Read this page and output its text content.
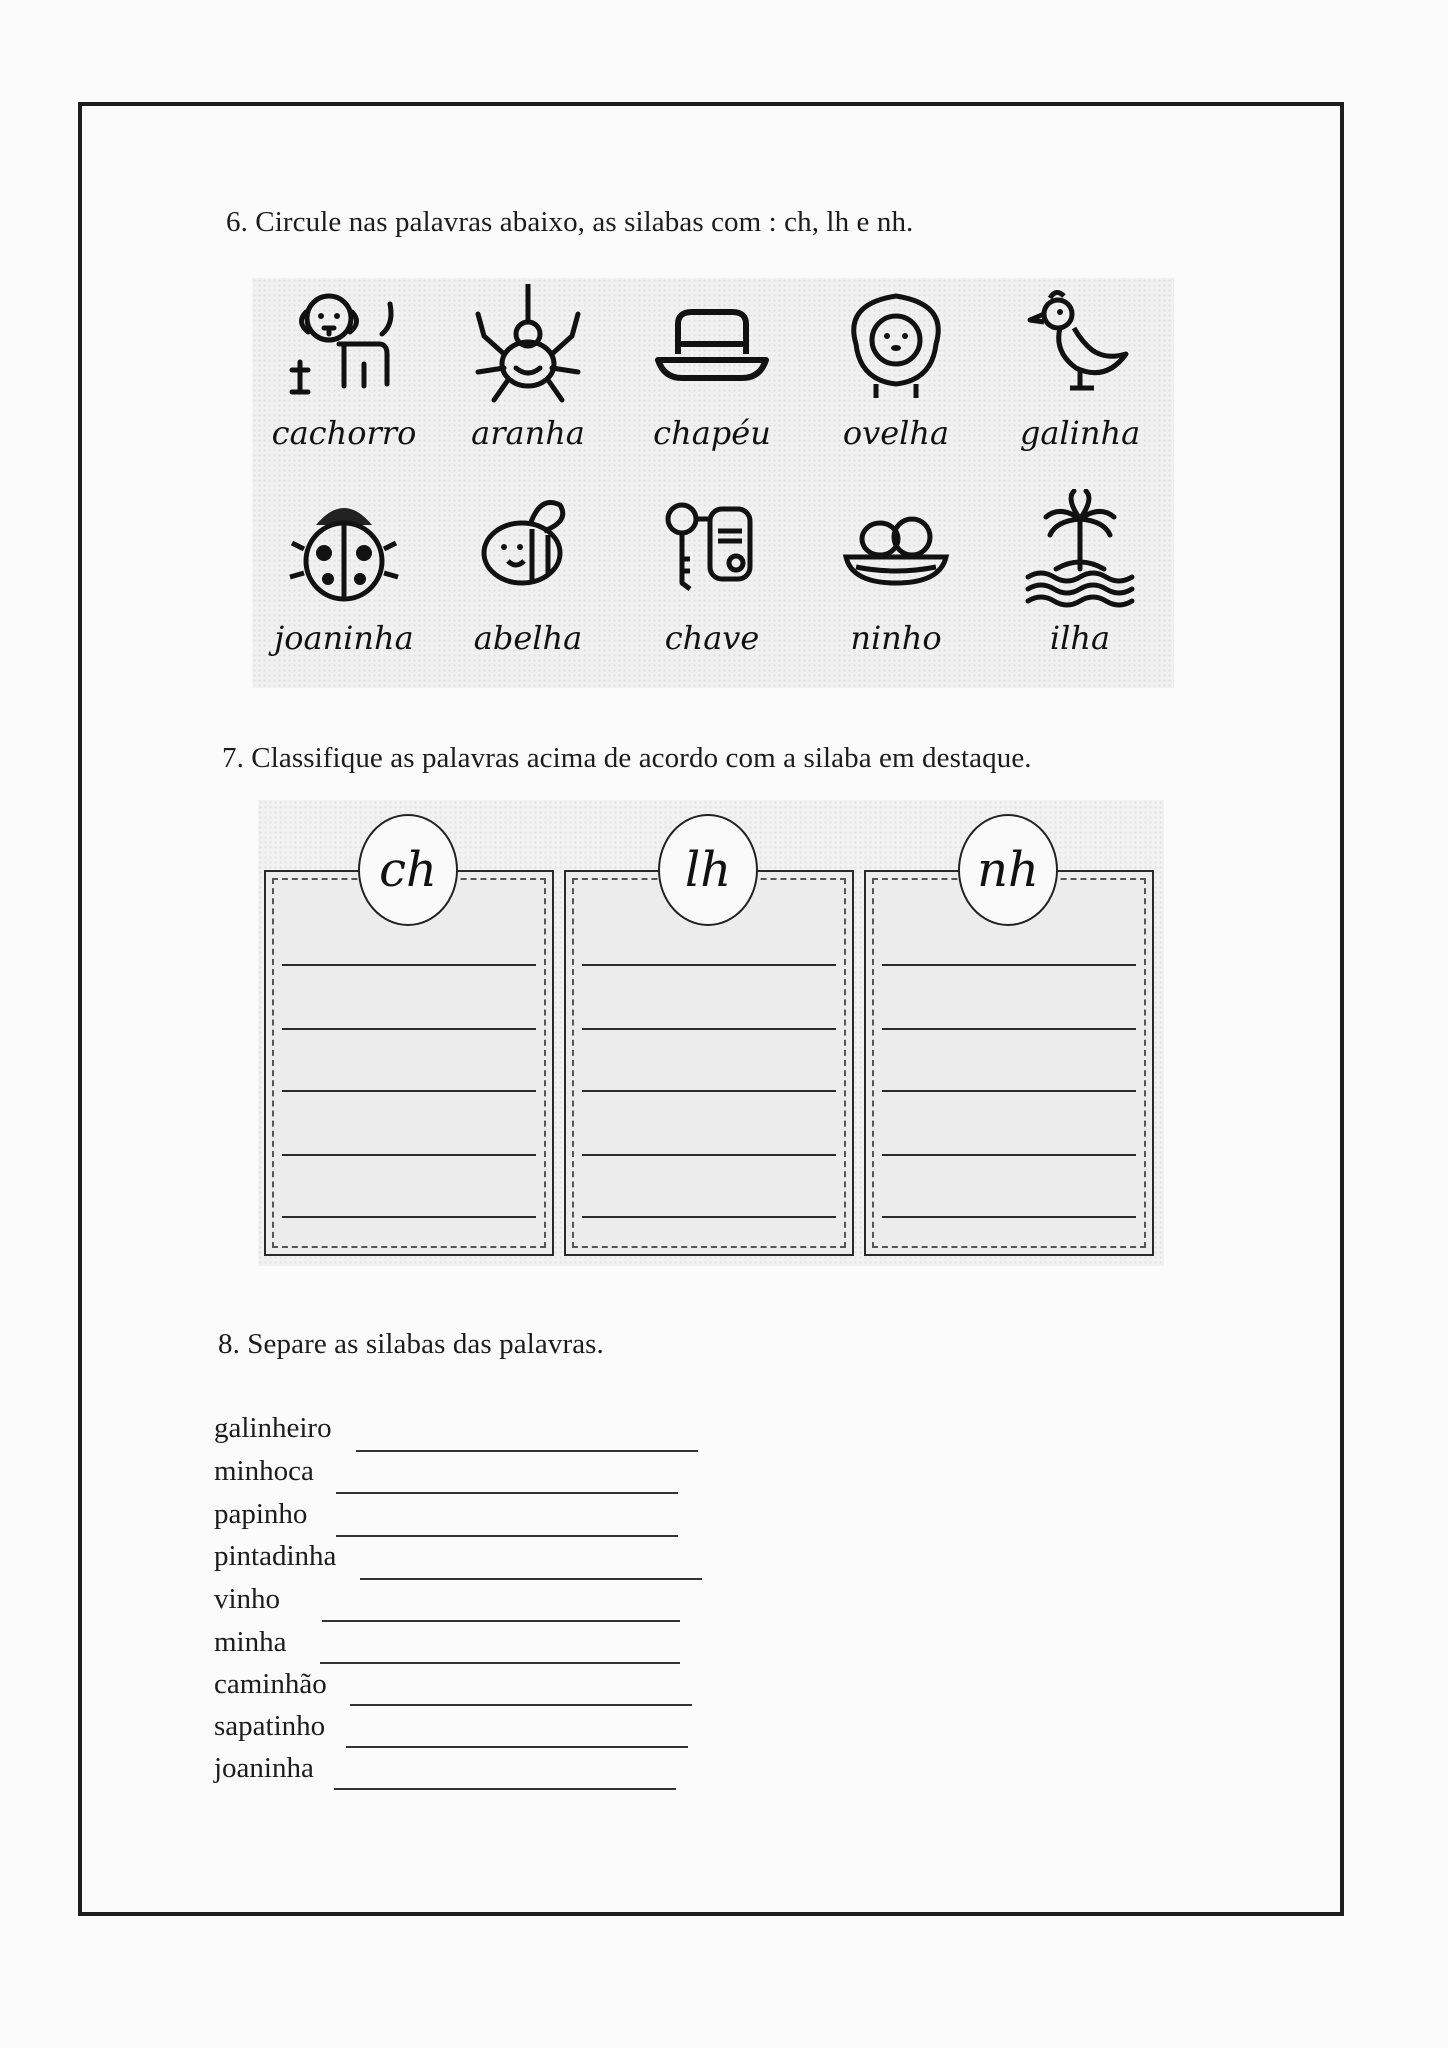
6. Circule nas palavras abaixo, as silabas com : ch, lh e nh.
cachorro	aranha	chapéu	ovelha	galinha
joaninha	abelha	chave	ninho	ilha
7. Classifique as palavras acima de acordo com a silaba em destaque.
ch	lh	nh
8. Separe as silabas das palavras.
galinheiro
minhoca
papinho
pintadinha
vinho
minha
caminhão
sapatinho
joaninha
